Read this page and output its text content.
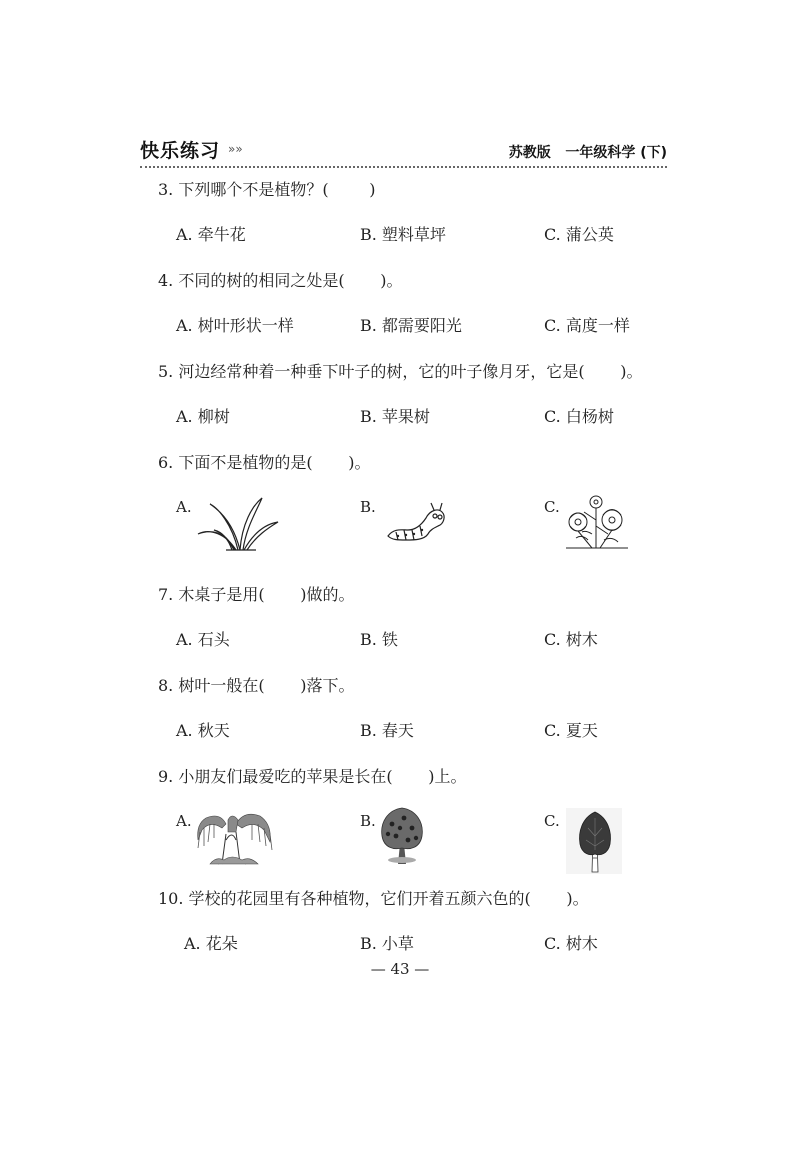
快乐练习 »»	苏教版   一年级科学 (下)
3. 下列哪个不是植物？(        )
A. 牵牛花	B. 塑料草坪	C. 蒲公英
4. 不同的树的相同之处是(       )。
A. 树叶形状一样	B. 都需要阳光	C. 高度一样
5. 河边经常种着一种垂下叶子的树，它的叶子像月牙，它是(       )。
A. 柳树	B. 苹果树	C. 白杨树
6. 下面不是植物的是(       )。
A.	B.	C.
7. 木桌子是用(       )做的。
A. 石头	B. 铁	C. 树木
8. 树叶一般在(       )落下。
A. 秋天	B. 春天	C. 夏天
9. 小朋友们最爱吃的苹果是长在(       )上。
A.	B.	C.
10. 学校的花园里有各种植物，它们开着五颜六色的(       )。
A. 花朵	B. 小草	C. 树木
— 43 —
